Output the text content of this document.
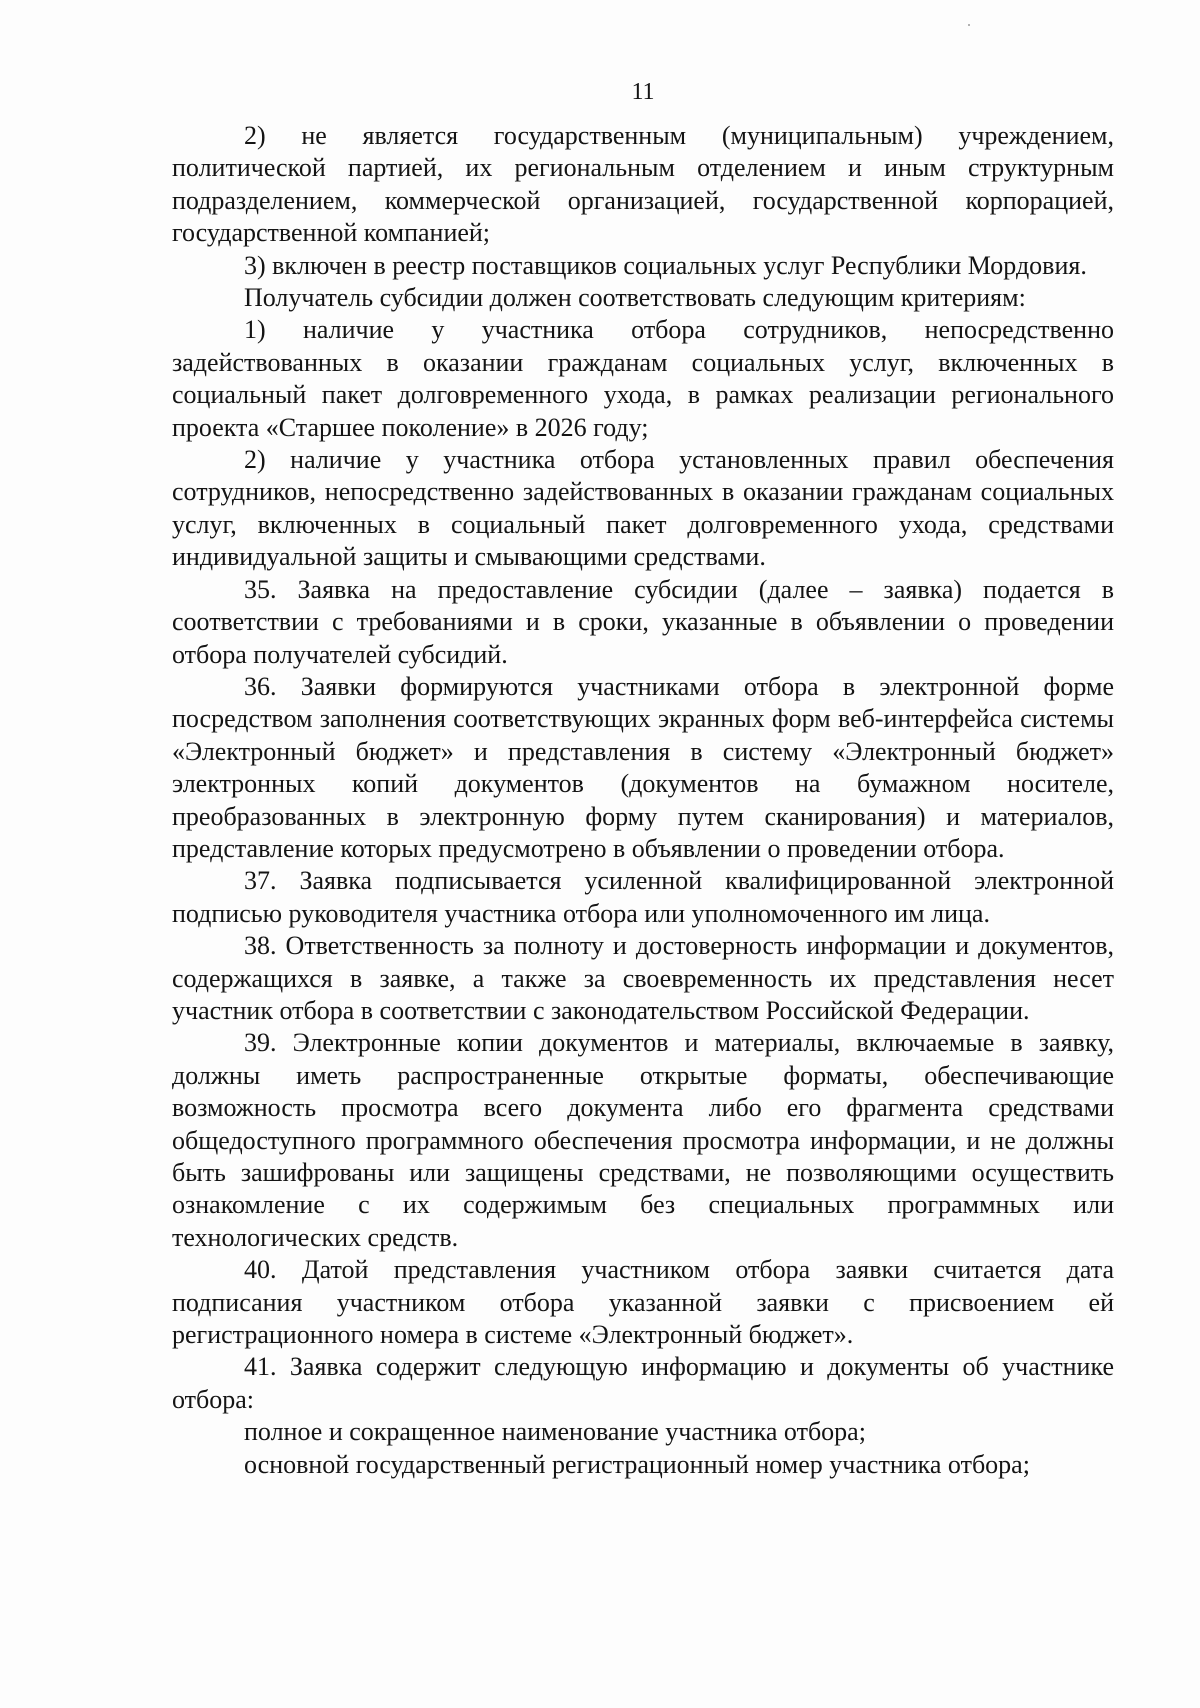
11

2) не является государственным (муниципальным) учреждением, политической партией, их региональным отделением и иным структурным подразделением, коммерческой организацией, государственной корпорацией, государственной компанией;

3) включен в реестр поставщиков социальных услуг Республики Мордовия.

Получатель субсидии должен соответствовать следующим критериям:

1) наличие у участника отбора сотрудников, непосредственно задействованных в оказании гражданам социальных услуг, включенных в социальный пакет долговременного ухода, в рамках реализации регионального проекта «Старшее поколение» в 2026 году;

2) наличие у участника отбора установленных правил обеспечения сотрудников, непосредственно задействованных в оказании гражданам социальных услуг, включенных в социальный пакет долговременного ухода, средствами индивидуальной защиты и смывающими средствами.

35. Заявка на предоставление субсидии (далее – заявка) подается в соответствии с требованиями и в сроки, указанные в объявлении о проведении отбора получателей субсидий.

36. Заявки формируются участниками отбора в электронной форме посредством заполнения соответствующих экранных форм веб-интерфейса системы «Электронный бюджет» и представления в систему «Электронный бюджет» электронных копий документов (документов на бумажном носителе, преобразованных в электронную форму путем сканирования) и материалов, представление которых предусмотрено в объявлении о проведении отбора.

37. Заявка подписывается усиленной квалифицированной электронной подписью руководителя участника отбора или уполномоченного им лица.

38. Ответственность за полноту и достоверность информации и документов, содержащихся в заявке, а также за своевременность их представления несет участник отбора в соответствии с законодательством Российской Федерации.

39. Электронные копии документов и материалы, включаемые в заявку, должны иметь распространенные открытые форматы, обеспечивающие возможность просмотра всего документа либо его фрагмента средствами общедоступного программного обеспечения просмотра информации, и не должны быть зашифрованы или защищены средствами, не позволяющими осуществить ознакомление с их содержимым без специальных программных или технологических средств.

40. Датой представления участником отбора заявки считается дата подписания участником отбора указанной заявки с присвоением ей регистрационного номера в системе «Электронный бюджет».

41. Заявка содержит следующую информацию и документы об участнике отбора:

полное и сокращенное наименование участника отбора;

основной государственный регистрационный номер участника отбора;
